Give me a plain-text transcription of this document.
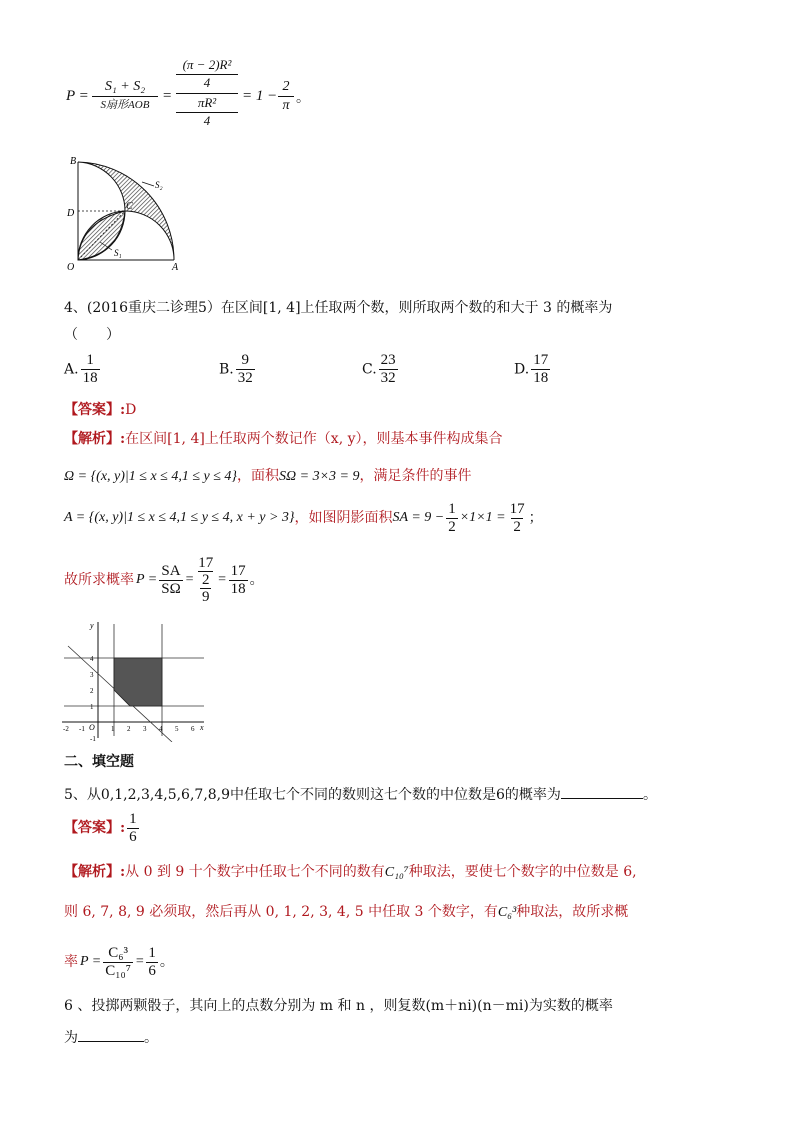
P =
S₁ + S₂
S扇形AOB
=
(π − 2)R²
4
πR²
4
= 1 −
2
π 。
B
D
C
O	A
S₁
S₂
4、(2016重庆二诊理5）在区间[1, 4]上任取两个数，则所取两个数的和大于 3 的概率为
（　　）
A. $\frac{1}{18}$	B. $\frac{9}{32}$	C. $\frac{23}{32}$	D. $\frac{17}{18}$
【答案】:D
【解析】:在区间[1, 4]上任取两个数记作（x, y），则基本事件构成集合
Ω = {(x, y)|1 ≤ x ≤ 4,1 ≤ y ≤ 4}，面积SΩ = 3×3 = 9，满足条件的事件
A = {(x, y)|1 ≤ x ≤ 4,1 ≤ y ≤ 4, x + y > 3} ，如图阴影面积 SA = $9 - \frac{1}{2} \times 1\times 1 = \frac{17}{2}$ ；
故所求概率 $P = \frac{SA}{S\Omega} = 17$
2
$9 = \frac{17}{18}$ 。
y
x
O
-2 -1	1 2 3 4 5 6
4
3
2
1
-1
二、填空题
5、从0,1,2,3,4,5,6,7,8,9中任取七个不同的数则这七个数的中位数是6的概率为	。
【答案】: $\frac{1}{6}$
【解析】:从 0 到 9 十个数字中任取七个不同的数有C₁₀⁷种取法，要使七个数字的中位数是 6,
则 6, 7, 8, 9 必须取，然后再从 0, 1, 2, 3, 4, 5 中任取 3 个数字，有C₆³种取法，故所求概
率 $P = \frac{\text{C₆³}}{\text{C₁₀⁷}} = \frac{1}{6}$ 。
6 、投掷两颗骰子，其向上的点数分别为 m 和 n ，则复数(m＋ni)(n－mi)为实数的概率
为	。
